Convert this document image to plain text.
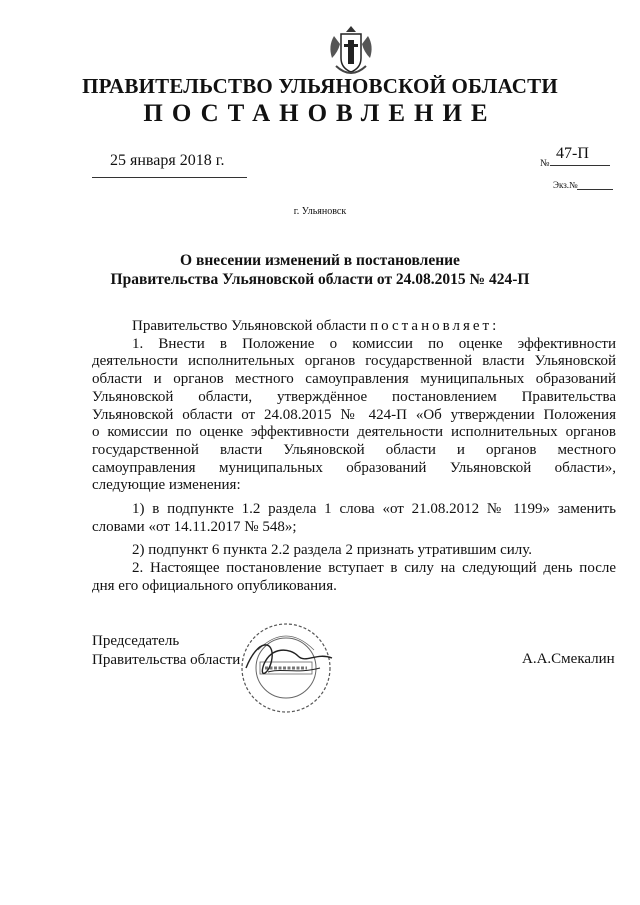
ПРАВИТЕЛЬСТВО УЛЬЯНОВСКОЙ ОБЛАСТИ
ПОСТАНОВЛЕНИЕ
25 января 2018 г.	№
47-П
Экз.№
г. Ульяновск
О внесении изменений в постановление
Правительства Ульяновской области от 24.08.2015 № 424-П
Правительство Ульяновской области постановляет:
1. Внести в Положение о комиссии по оценке эффективности
деятельности исполнительных органов государственной власти Ульяновской
области и органов местного самоуправления муниципальных образований
Ульяновской области, утверждённое постановлением Правительства
Ульяновской области от 24.08.2015 № 424-П «Об утверждении Положения
о комиссии по оценке эффективности деятельности исполнительных органов
государственной власти Ульяновской области и органов местного
самоуправления муниципальных образований Ульяновской области»,
следующие изменения:
1) в подпункте 1.2 раздела 1 слова «от 21.08.2012 № 1199» заменить
словами «от 14.11.2017 № 548»;
2) подпункт 6 пункта 2.2 раздела 2 признать утратившим силу.
2. Настоящее постановление вступает в силу на следующий день после
дня его официального опубликования.
Председатель
Правительства области	А.А.Смекалин
